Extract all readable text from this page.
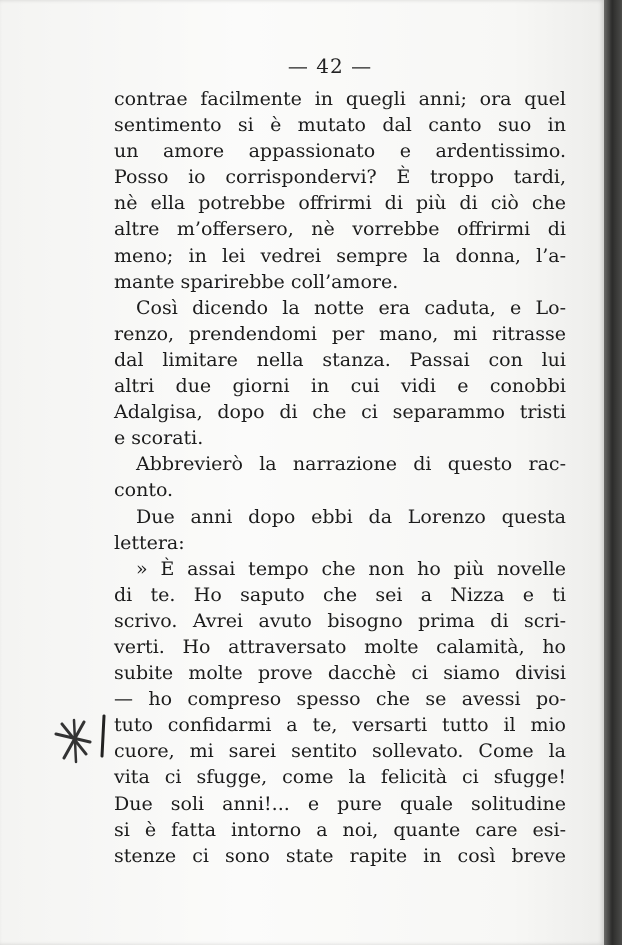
— 42 —
contrae facilmente in quegli anni; ora quel
sentimento si è mutato dal canto suo in
un amore appassionato e ardentissimo.
Posso io corrispondervi? È troppo tardi,
nè ella potrebbe offrirmi di più di ciò che
altre m’offersero, nè vorrebbe offrirmi di
meno; in lei vedrei sempre la donna, l’a-
mante sparirebbe coll’amore.
Così dicendo la notte era caduta, e Lo-
renzo, prendendomi per mano, mi ritrasse
dal limitare nella stanza. Passai con lui
altri due giorni in cui vidi e conobbi
Adalgisa, dopo di che ci separammo tristi
e scorati.
Abbrevierò la narrazione di questo rac-
conto.
Due anni dopo ebbi da Lorenzo questa
lettera:
» È assai tempo che non ho più novelle
di te. Ho saputo che sei a Nizza e ti
scrivo. Avrei avuto bisogno prima di scri-
verti. Ho attraversato molte calamità, ho
subite molte prove dacchè ci siamo divisi
— ho compreso spesso che se avessi po-
tuto confidarmi a te, versarti tutto il mio
cuore, mi sarei sentito sollevato. Come la
vita ci sfugge, come la felicità ci sfugge!
Due soli anni!... e pure quale solitudine
si è fatta intorno a noi, quante care esi-
stenze ci sono state rapite in così breve
